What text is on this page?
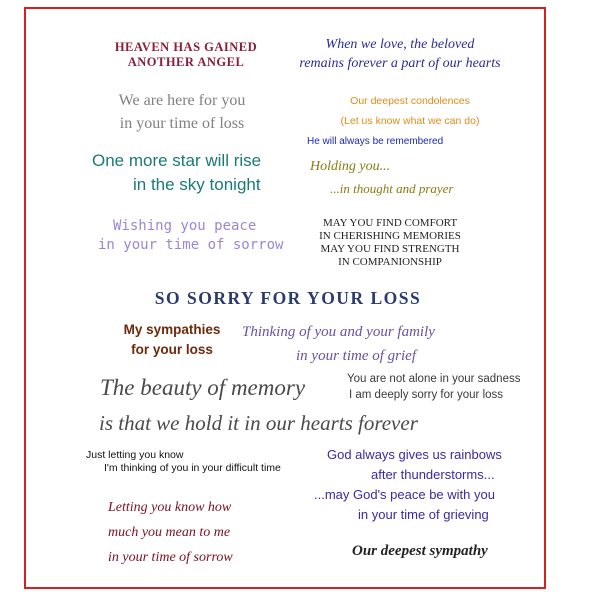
HEAVEN HAS GAINED
ANOTHER ANGEL
When we love, the beloved
remains forever a part of our hearts
We are here for you
in your time of loss
Our deepest condolences
(Let us know what we can do)
He will always be remembered
One more star will rise
in the sky tonight
Holding you...
...in thought and prayer
Wishing you peace
in your time of sorrow
MAY YOU FIND COMFORT
IN CHERISHING MEMORIES
MAY YOU FIND STRENGTH
IN COMPANIONSHIP
SO SORRY FOR YOUR LOSS
My sympathies
for your loss
Thinking of you and your family
in your time of grief
The beauty of memory
is that we hold it in our hearts forever
You are not alone in your sadness
I am deeply sorry for your loss
Just letting you know
I'm thinking of you in your difficult time
God always gives us rainbows
after thunderstorms...
...may God's peace be with you
in your time of grieving
Letting you know how
much you mean to me
in your time of sorrow	Our deepest sympathy
